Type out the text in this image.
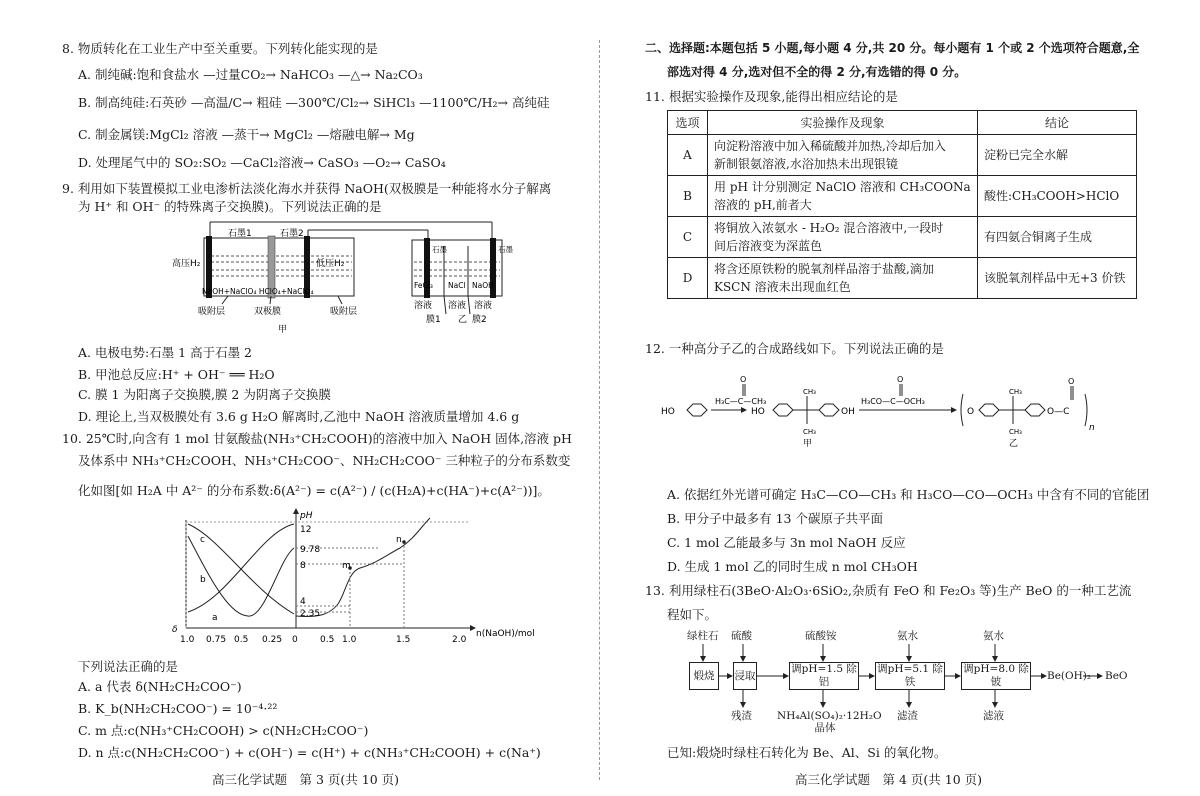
8. 物质转化在工业生产中至关重要。下列转化能实现的是
A. 制纯碱:饱和食盐水 —过量CO₂→ NaHCO₃ —△→ Na₂CO₃
B. 制高纯硅:石英砂 —高温/C→ 粗硅 —300℃/Cl₂→ SiHCl₃ —1100℃/H₂→ 高纯硅
C. 制金属镁:MgCl₂ 溶液 —蒸干→ MgCl₂ —熔融电解→ Mg
D. 处理尾气中的 SO₂:SO₂ —CaCl₂溶液→ CaSO₃ —O₂→ CaSO₄
9. 利用如下装置模拟工业电渗析法淡化海水并获得 NaOH(双极膜是一种能将水分子解离
为 H⁺ 和 OH⁻ 的特殊离子交换膜)。下列说法正确的是
石墨1	石墨2
高压H₂	低压H₂
NaOH+NaClO₄ HClO₄+NaClO₄
吸附层	双极膜	吸附层
甲
石墨	石墨
FeCl₃ NaCl NaOH
溶液 溶液 溶液
膜1 乙 膜2
A. 电极电势:石墨 1 高于石墨 2
B. 甲池总反应:H⁺ + OH⁻ ══ H₂O
C. 膜 1 为阳离子交换膜,膜 2 为阴离子交换膜
D. 理论上,当双极膜处有 3.6 g H₂O 解离时,乙池中 NaOH 溶液质量增加 4.6 g
10. 25℃时,向含有 1 mol 甘氨酸盐(NH₃⁺CH₂COOH)的溶液中加入 NaOH 固体,溶液 pH
及体系中 NH₃⁺CH₂COOH、NH₃⁺CH₂COO⁻、NH₂CH₂COO⁻ 三种粒子的分布系数变
化如图[如 H₂A 中 A²⁻ 的分布系数:δ(A²⁻) = c(A²⁻) / (c(H₂A)+c(HA⁻)+c(A²⁻))]。
pH
δ	n(NaOH)/mol
12
9.78
8
4
2.35
1.0 0.75 0.5 0.25 0 0.5 1.0	1.5	2.0
a
b
c
m
n
下列说法正确的是
A. a 代表 δ(NH₂CH₂COO⁻)
B. K_b(NH₂CH₂COO⁻) = 10⁻⁴·²²
C. m 点:c(NH₃⁺CH₂COOH) > c(NH₂CH₂COO⁻)
D. n 点:c(NH₂CH₂COO⁻) + c(OH⁻) = c(H⁺) + c(NH₃⁺CH₂COOH) + c(Na⁺)
高三化学试题　第 3 页(共 10 页)
二、选择题:本题包括 5 小题,每小题 4 分,共 20 分。每小题有 1 个或 2 个选项符合题意,全
部选对得 4 分,选对但不全的得 2 分,有选错的得 0 分。
11. 根据实验操作及现象,能得出相应结论的是
选项	实验操作及现象	结论
A	向淀粉溶液中加入稀硫酸并加热,冷却后加入
新制银氨溶液,水浴加热未出现银镜	淀粉已完全水解
B	用 pH 计分别测定 NaClO 溶液和 CH₃COONa
溶液的 pH,前者大	酸性:CH₃COOH>HClO
C	将铜放入浓氨水 - H₂O₂ 混合溶液中,一段时
间后溶液变为深蓝色	有四氨合铜离子生成
D	将含还原铁粉的脱氧剂样品溶于盐酸,滴加
KSCN 溶液未出现血红色	该脱氧剂样品中无+3 价铁
12. 一种高分子乙的合成路线如下。下列说法正确的是
HO
H₃C—C—CH₃
O
HO
CH₃
CH₃
OH
甲
H₃CO—C—OCH₃
O
O
CH₃
CH₃
O—C
O
n
乙
A. 依据红外光谱可确定 H₃C—CO—CH₃ 和 H₃CO—CO—OCH₃ 中含有不同的官能团
B. 甲分子中最多有 13 个碳原子共平面
C. 1 mol 乙能最多与 3n mol NaOH 反应
D. 生成 1 mol 乙的同时生成 n mol CH₃OH
13. 利用绿柱石(3BeO·Al₂O₃·6SiO₂,杂质有 FeO 和 Fe₂O₃ 等)生产 BeO 的一种工艺流
程如下。
绿柱石 硫酸	硫酸铵	氨水	氨水
煅烧	浸取
调pH=1.5 除铝
调pH=5.1 除铁
调pH=8.0 除铍	Be(OH)₂ BeO
残渣 NH₄Al(SO₄)₂·12H₂O 晶体
滤渣	滤液
已知:煅烧时绿柱石转化为 Be、Al、Si 的氧化物。
高三化学试题　第 4 页(共 10 页)
